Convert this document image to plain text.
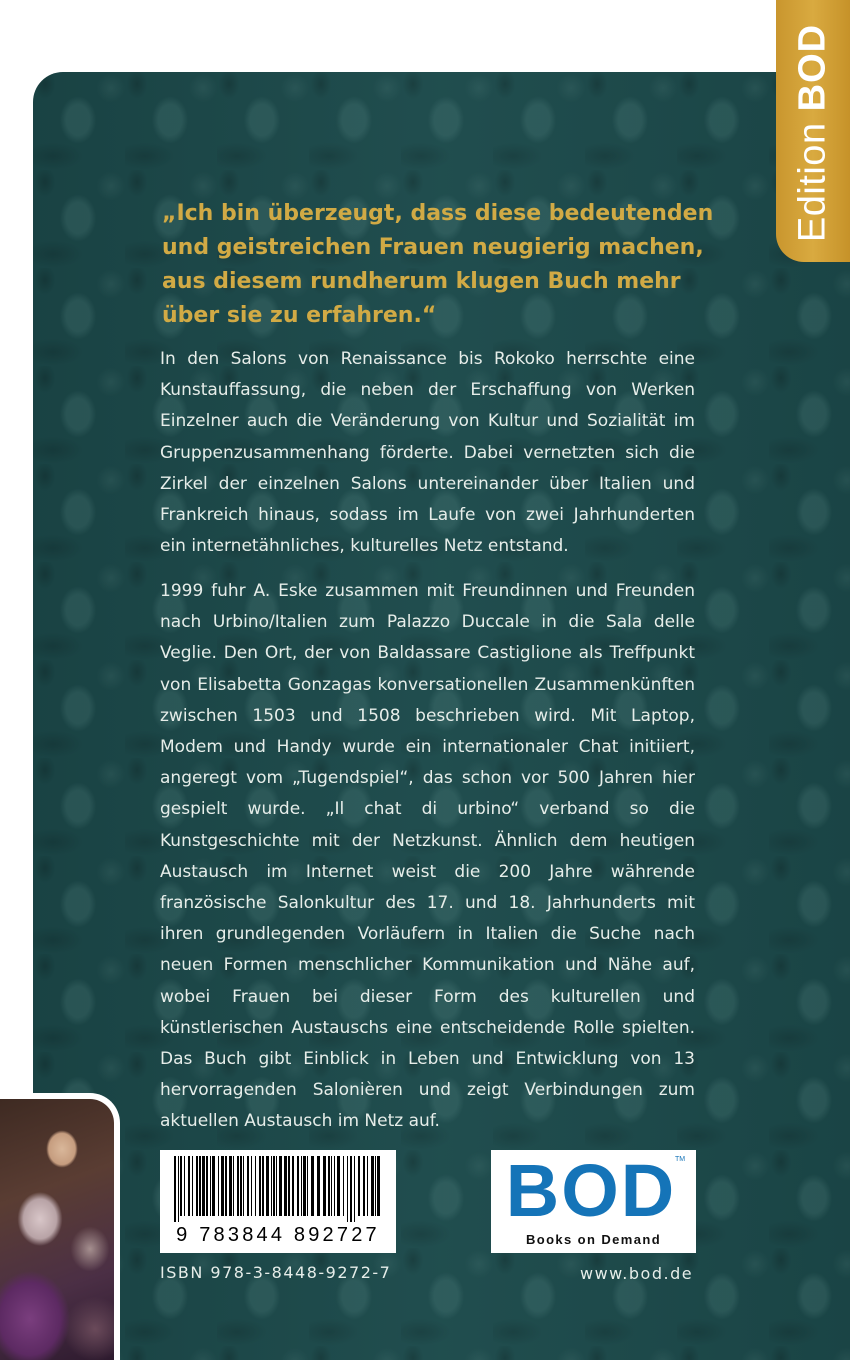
Edition BOD
„Ich bin überzeugt, dass diese bedeutenden
und geistreichen Frauen neugierig machen,
aus diesem rundherum klugen Buch mehr
über sie zu erfahren.“
In den Salons von Renaissance bis Rokoko herrschte eine Kunstauffassung, die neben der Erschaffung von Werken Einzelner auch die Veränderung von Kultur und Sozialität im Gruppenzusammenhang förderte. Dabei vernetzten sich die Zirkel der einzelnen Salons untereinander über Italien und Frankreich hinaus, sodass im Laufe von zwei Jahrhunderten ein internetähnliches, kulturelles Netz entstand.
1999 fuhr A. Eske zusammen mit Freundinnen und Freunden nach Urbino/Italien zum Palazzo Duccale in die Sala delle Veglie. Den Ort, der von Baldassare Castiglione als Treffpunkt von Elisabetta Gonzagas konversationellen Zusammenkünften zwischen 1503 und 1508 beschrieben wird. Mit Laptop, Modem und Handy wurde ein internationaler Chat initiiert, angeregt vom „Tugendspiel“, das schon vor 500 Jahren hier gespielt wurde. „Il chat di urbino“ verband so die Kunstgeschichte mit der Netzkunst. Ähnlich dem heutigen Austausch im Internet weist die 200 Jahre währende französische Salonkultur des 17. und 18. Jahrhunderts mit ihren grundlegenden Vorläufern in Italien die Suche nach neuen Formen menschlicher Kommunikation und Nähe auf, wobei Frauen bei dieser Form des kulturellen und künstlerischen Austauschs eine entscheidende Rolle spielten. Das Buch gibt Einblick in Leben und Entwicklung von 13 hervorragenden Salonièren und zeigt Verbindungen zum aktuellen Austausch im Netz auf.
9 783844 892727
ISBN 978-3-8448-9272-7
BOD
TM
Books on Demand
www.bod.de
